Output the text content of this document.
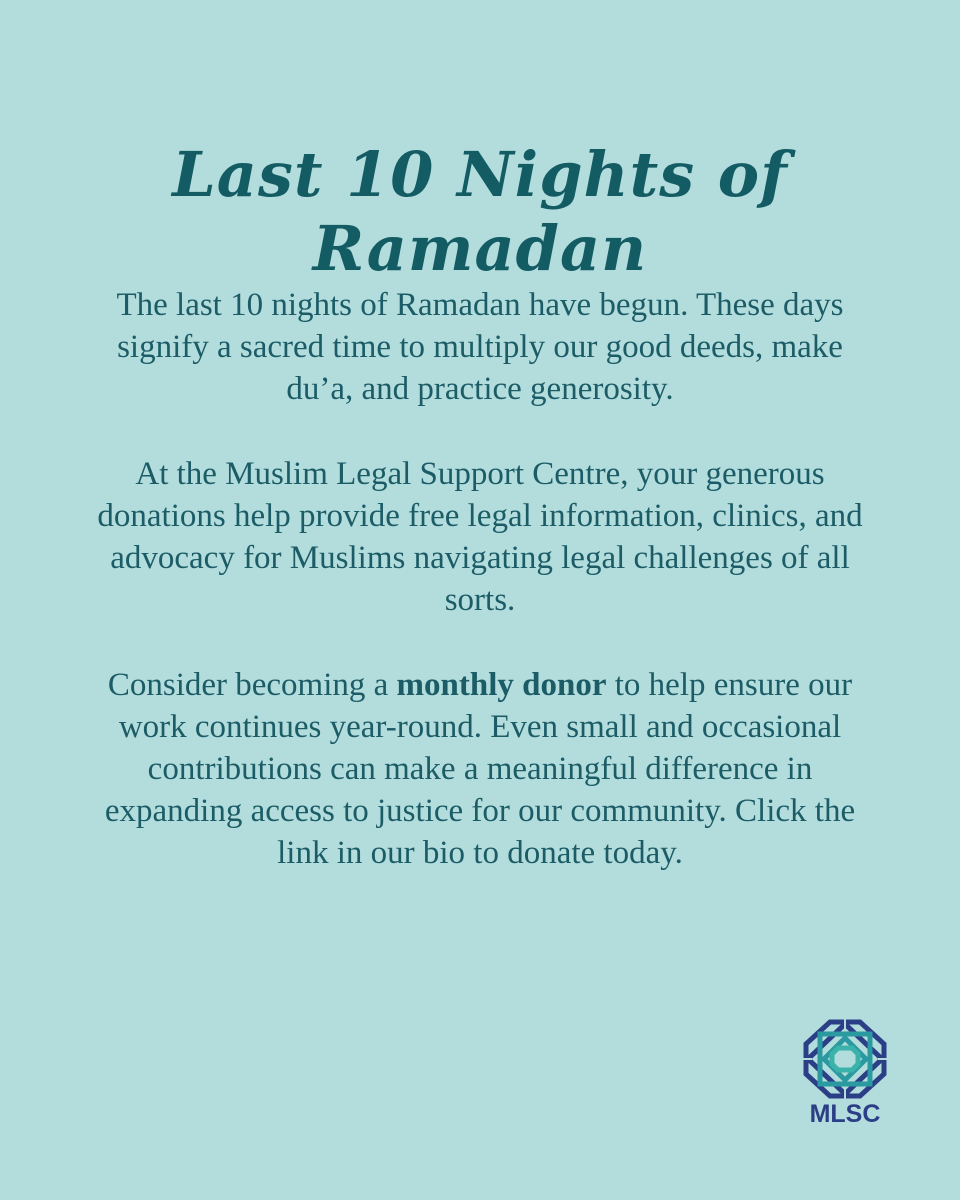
Last 10 Nights of Ramadan

The last 10 nights of Ramadan have begun. These days signify a sacred time to multiply our good deeds, make du’a, and practice generosity.

At the Muslim Legal Support Centre, your generous donations help provide free legal information, clinics, and advocacy for Muslims navigating legal challenges of all sorts.

Consider becoming a monthly donor to help ensure our work continues year-round. Even small and occasional contributions can make a meaningful difference in expanding access to justice for our community. Click the link in our bio to donate today.

MLSC
